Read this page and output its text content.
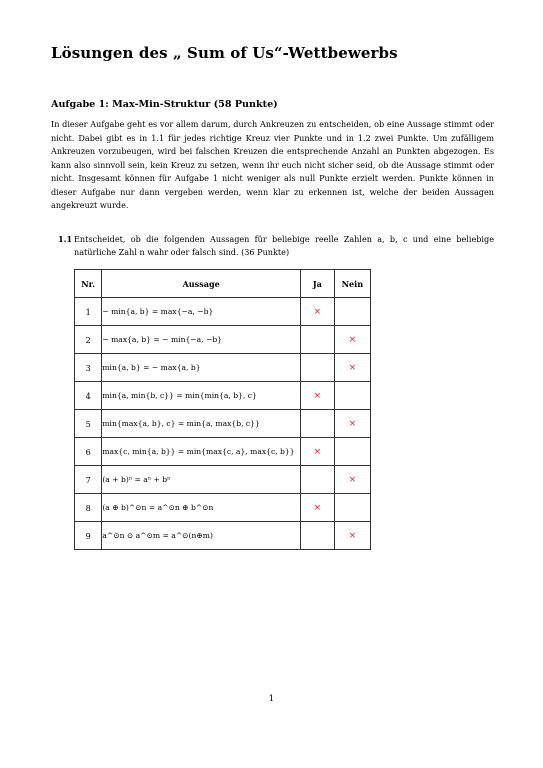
Lösungen des „ Sum of Us“-Wettbewerbs
Aufgabe 1: Max-Min-Struktur (58 Punkte)

In dieser Aufgabe geht es vor allem darum, durch Ankreuzen zu entscheiden, ob eine Aussage stimmt oder nicht. Dabei gibt es in 1.1 für jedes richtige Kreuz vier Punkte und in 1.2 zwei Punkte. Um zufälligem Ankreuzen vorzubeugen, wird bei falschen Kreuzen die entsprechende Anzahl an Punkten abgezogen. Es kann also sinnvoll sein, kein Kreuz zu setzen, wenn ihr euch nicht sicher seid, ob die Aussage stimmt oder nicht. Insgesamt können für Aufgabe 1 nicht weniger als null Punkte erzielt werden. Punkte können in dieser Aufgabe nur dann vergeben werden, wenn klar zu erkennen ist, welche der beiden Aussagen angekreuzt wurde.

1.1 Entscheidet, ob die folgenden Aussagen für beliebige reelle Zahlen a, b, c und eine beliebige natürliche Zahl n wahr oder falsch sind. (36 Punkte)
Nr.	Aussage	Ja	Nein
1	− min{a, b} = max{−a, −b}	×	
2	− max{a, b} = − min{−a, −b}		×
3	min{a, b} = − max{a, b}		×
4	min{a, min{b, c}} = min{min{a, b}, c}	×	
5	min{max{a, b}, c} = min{a, max{b, c}}		×
6	max{c, min{a, b}} = min{max{c, a}, max{c, b}}	×	
7	(a + b)ⁿ = aⁿ + bⁿ		×
8	(a ⊕ b)^⊙n = a^⊙n ⊕ b^⊙n	×	
9	a^⊙n ⊙ a^⊙m = a^⊙(n⊕m)		×
1
